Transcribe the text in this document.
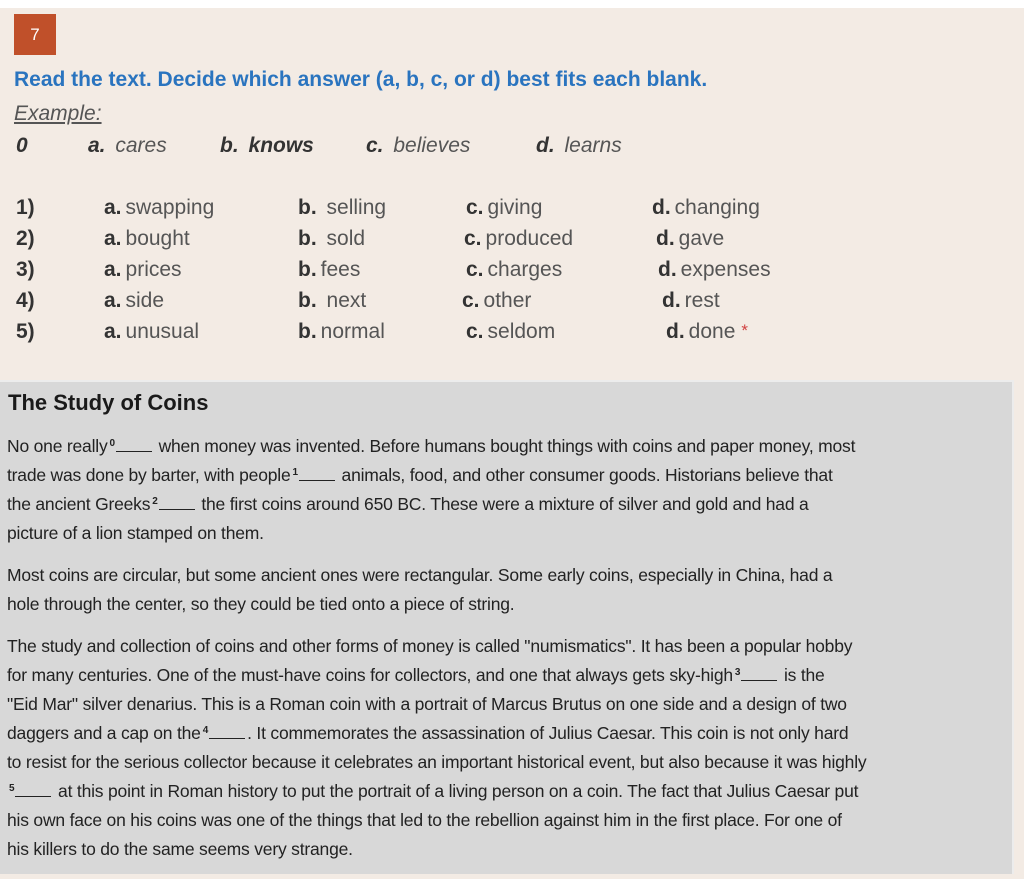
7
Read the text. Decide which answer (a, b, c, or d) best fits each blank.
Example:
0	a. cares	b. knows c. believes	d. learns
1)	a. swapping	b. selling	c. giving	d. changing
2)	a. bought	b. sold	c. produced	d. gave
3)	a. prices	b. fees	c. charges	d. expenses
4)	a. side	b. next	c. other	d. rest
5)	a. unusual	b. normal	c. seldom	d. done *
The Study of Coins
No one really $^0$ when money was invented. Before humans bought things with coins and paper money, most
trade was done by barter, with people $^1$ animals, food, and other consumer goods. Historians believe that
the ancient Greeks $^2$ the first coins around 650 BC. These were a mixture of silver and gold and had a
picture of a lion stamped on them.
Most coins are circular, but some ancient ones were rectangular. Some early coins, especially in China, had a
hole through the center, so they could be tied onto a piece of string.
The study and collection of coins and other forms of money is called "numismatics". It has been a popular hobby
for many centuries. One of the must-have coins for collectors, and one that always gets sky-high $^3$ is the
"Eid Mar" silver denarius. This is a Roman coin with a portrait of Marcus Brutus on one side and a design of two
daggers and a cap on the $^4$ . It commemorates the assassination of Julius Caesar. This coin is not only hard
to resist for the serious collector because it celebrates an important historical event, but also because it was highly
$^5$ at this point in Roman history to put the portrait of a living person on a coin. The fact that Julius Caesar put
his own face on his coins was one of the things that led to the rebellion against him in the first place. For one of
his killers to do the same seems very strange.
